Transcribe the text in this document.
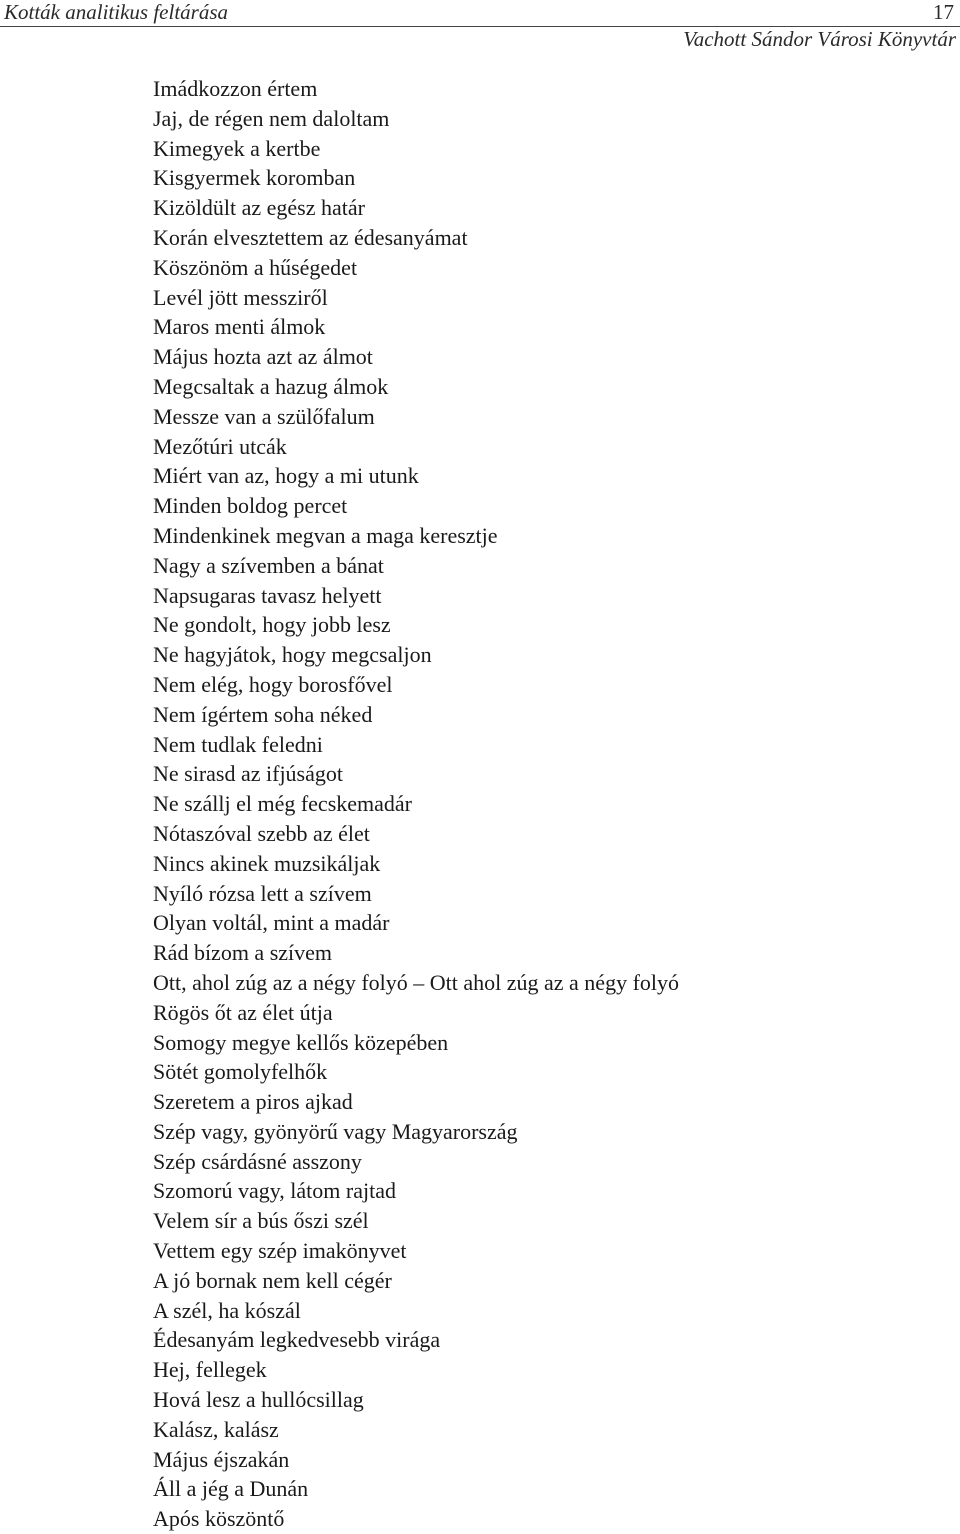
Kották analitikus feltárása	17
Vachott Sándor Városi Könyvtár
Imádkozzon értem
Jaj, de régen nem daloltam
Kimegyek a kertbe
Kisgyermek koromban
Kizöldült az egész határ
Korán elvesztettem az édesanyámat
Köszönöm a hűségedet
Levél jött messziről
Maros menti álmok
Május hozta azt az álmot
Megcsaltak a hazug álmok
Messze van a szülőfalum
Mezőtúri utcák
Miért van az, hogy a mi utunk
Minden boldog percet
Mindenkinek megvan a maga keresztje
Nagy a szívemben a bánat
Napsugaras tavasz helyett
Ne gondolt, hogy jobb lesz
Ne hagyjátok, hogy megcsaljon
Nem elég, hogy borosfővel
Nem ígértem soha néked
Nem tudlak feledni
Ne sirasd az ifjúságot
Ne szállj el még fecskemadár
Nótaszóval szebb az élet
Nincs akinek muzsikáljak
Nyíló rózsa lett a szívem
Olyan voltál, mint a madár
Rád bízom a szívem
Ott, ahol zúg az a négy folyó – Ott ahol zúg az a négy folyó
Rögös őt az élet útja
Somogy megye kellős közepében
Sötét gomolyfelhők
Szeretem a piros ajkad
Szép vagy, gyönyörű vagy Magyarország
Szép csárdásné asszony
Szomorú vagy, látom rajtad
Velem sír a bús őszi szél
Vettem egy szép imakönyvet
A jó bornak nem kell cégér
A szél, ha kószál
Édesanyám legkedvesebb virága
Hej, fellegek
Hová lesz a hullócsillag
Kalász, kalász
Május éjszakán
Áll a jég a Dunán
Após köszöntő
